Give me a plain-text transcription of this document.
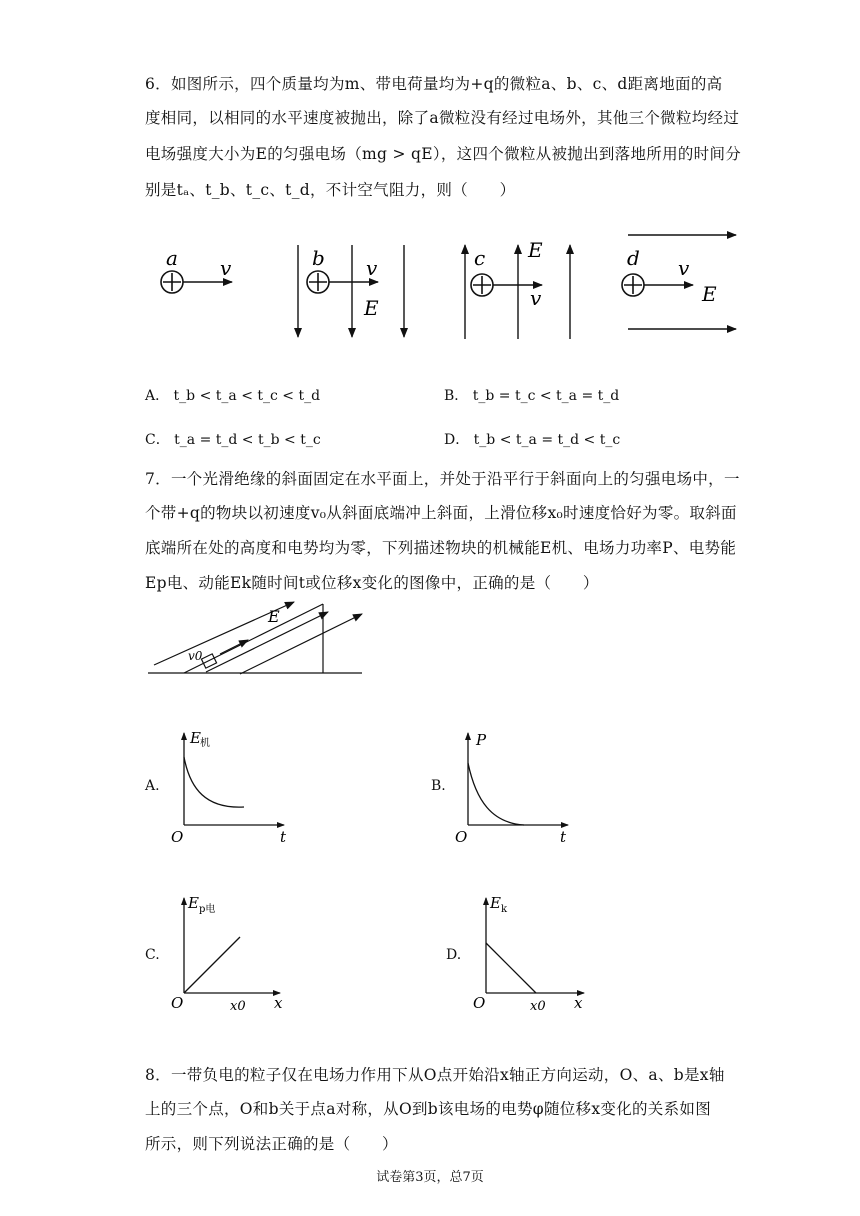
6．如图所示，四个质量均为m、带电荷量均为+q的微粒a、b、c、d距离地面的高
度相同，以相同的水平速度被抛出，除了a微粒没有经过电场外，其他三个微粒均经过
电场强度大小为E的匀强电场（mg > qE），这四个微粒从被抛出到落地所用的时间分
别是tₐ、t_b、t_c、t_d，不计空气阻力，则（　　）
a v	b v
E
c E
v
d v
E
A． t_b < t_a < t_c < t_d	B． t_b = t_c < t_a = t_d
C． t_a = t_d < t_b < t_c	D． t_b < t_a = t_d < t_c
7．一个光滑绝缘的斜面固定在水平面上，并处于沿平行于斜面向上的匀强电场中，一
个带+q的物块以初速度v₀从斜面底端冲上斜面，上滑位移x₀时速度恰好为零。取斜面
底端所在处的高度和电势均为零，下列描述物块的机械能E机、电场力功率P、电势能
Ep电、动能Ek随时间t或位移x变化的图像中，正确的是（　　）
E
v0
A.
E 机
t
O
B.
P
t
O
C.
E p电
x0 x
O
D.
E k
x0 x
O
8．一带负电的粒子仅在电场力作用下从O点开始沿x轴正方向运动，O、a、b是x轴
上的三个点，O和b关于点a对称，从O到b该电场的电势φ随位移x变化的关系如图
所示，则下列说法正确的是（　　）
试卷第3页，总7页
